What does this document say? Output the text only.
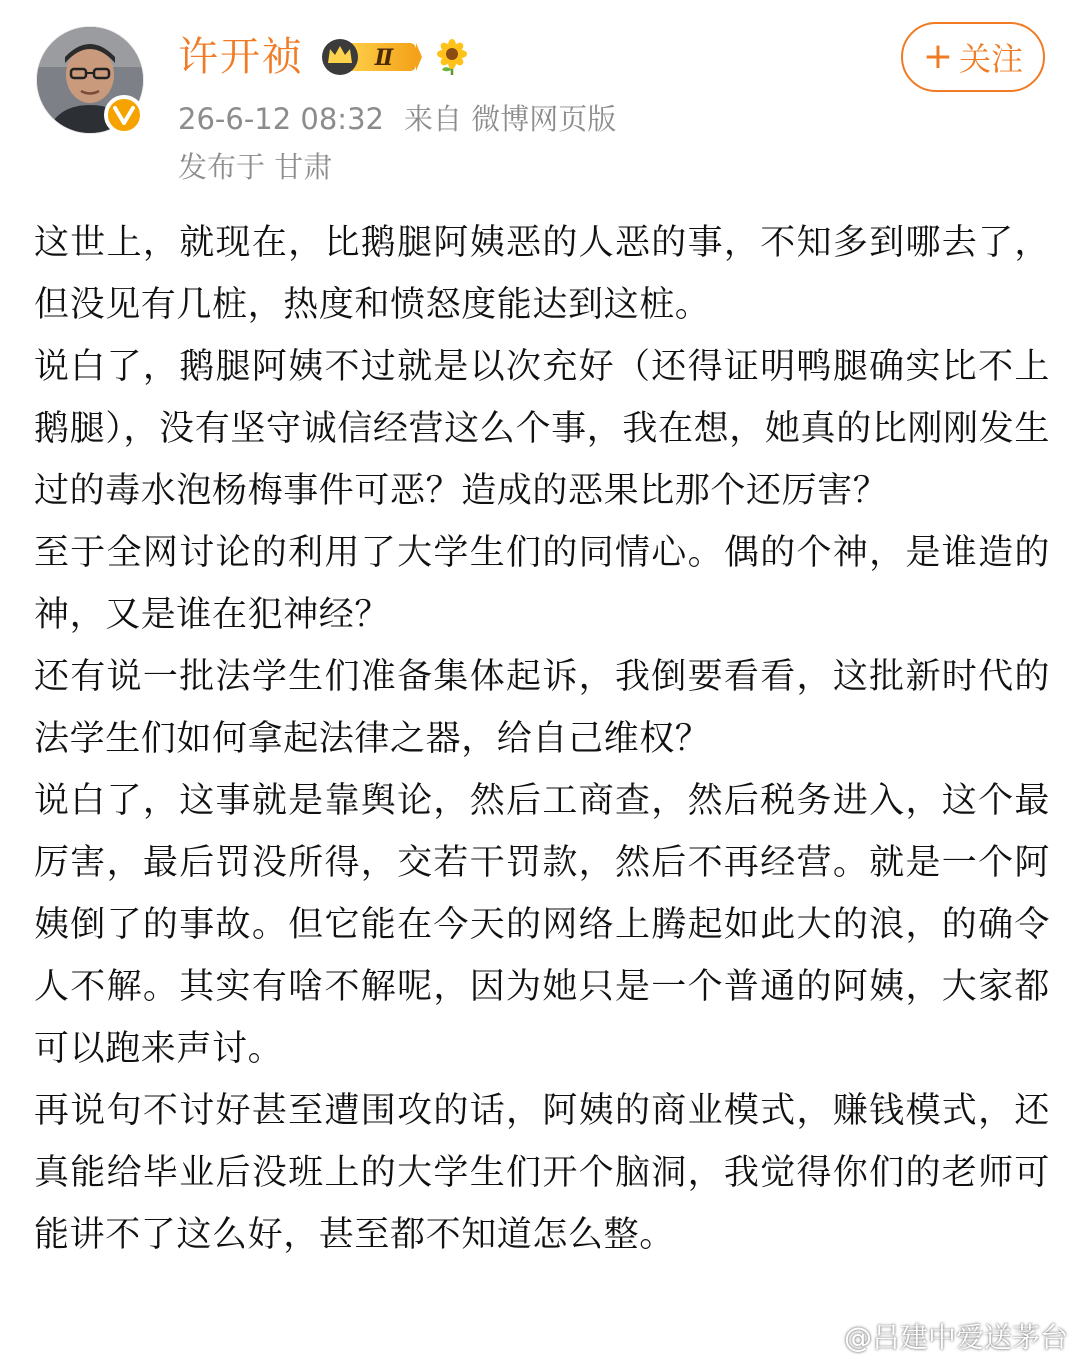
许开祯	Ⅱ
26-6-12 08:32 来自 微博网页版
发布于 甘肃
+ 关注

这世上，就现在，比鹅腿阿姨恶的人恶的事，不知多到哪去了，但没见有几桩，热度和愤怒度能达到这桩。

说白了，鹅腿阿姨不过就是以次充好（还得证明鸭腿确实比不上鹅腿），没有坚守诚信经营这么个事，我在想，她真的比刚刚发生过的毒水泡杨梅事件可恶？造成的恶果比那个还厉害？

至于全网讨论的利用了大学生们的同情心。偶的个神，是谁造的神，又是谁在犯神经？

还有说一批法学生们准备集体起诉，我倒要看看，这批新时代的法学生们如何拿起法律之器，给自己维权？

说白了，这事就是靠舆论，然后工商查，然后税务进入，这个最厉害，最后罚没所得，交若干罚款，然后不再经营。就是一个阿姨倒了的事故。但它能在今天的网络上腾起如此大的浪，的确令人不解。其实有啥不解呢，因为她只是一个普通的阿姨，大家都可以跑来声讨。

再说句不讨好甚至遭围攻的话，阿姨的商业模式，赚钱模式，还真能给毕业后没班上的大学生们开个脑洞，我觉得你们的老师可能讲不了这么好，甚至都不知道怎么整。

@吕建中爱送茅台
